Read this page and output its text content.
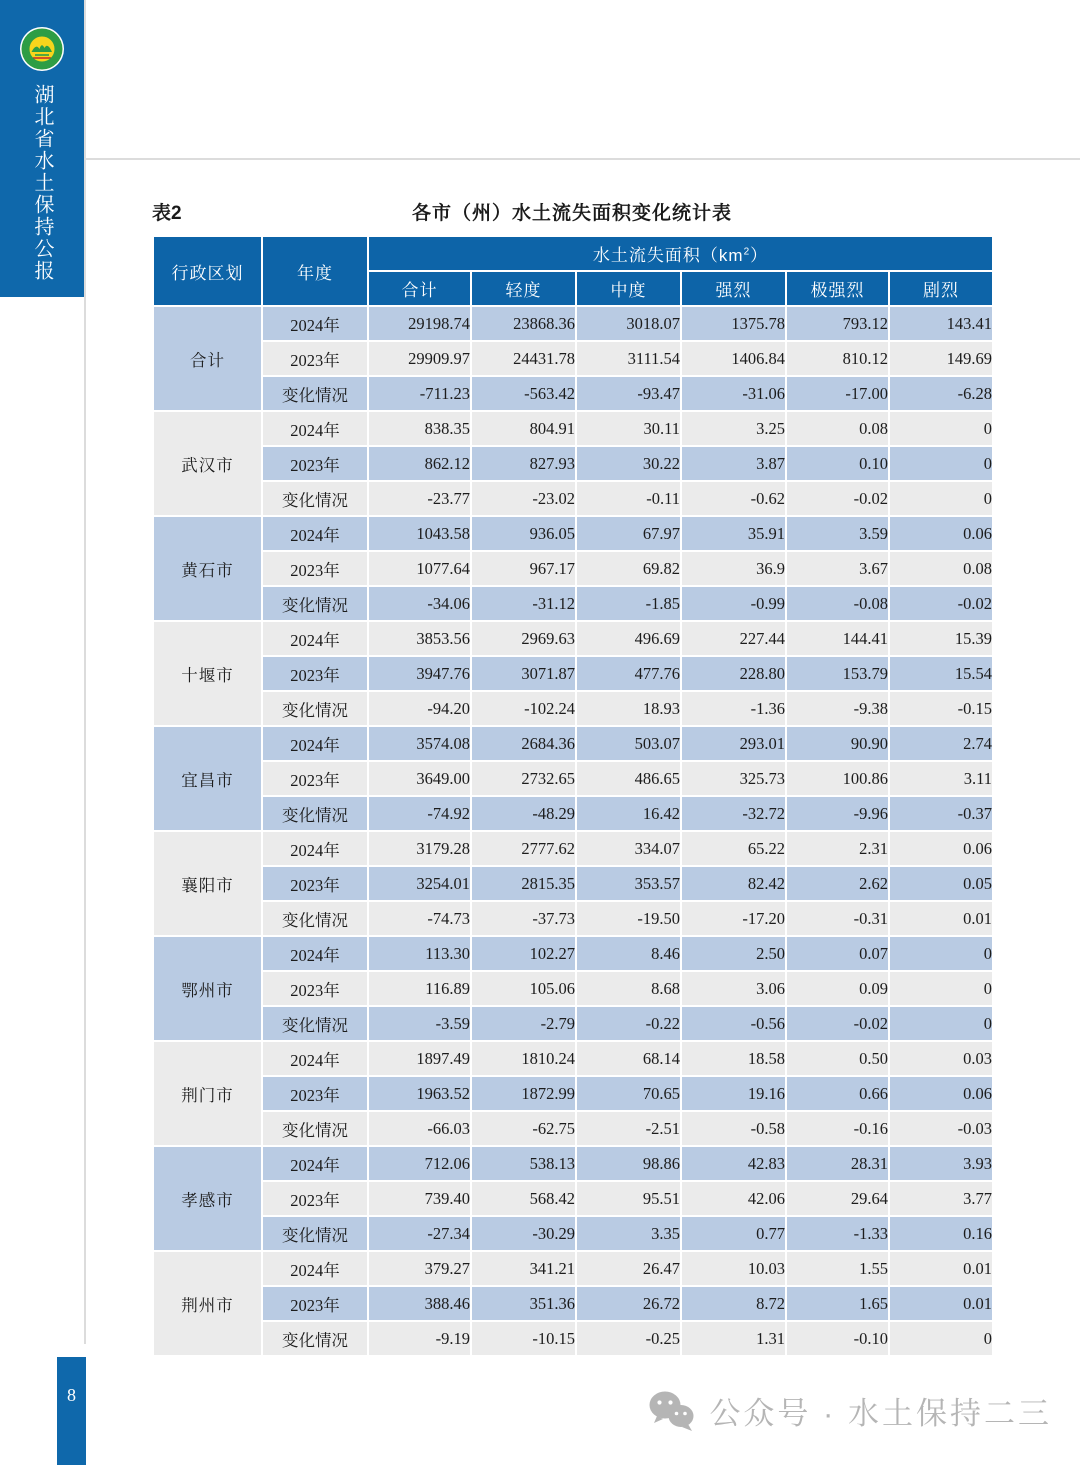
湖北省水土保持公报
8
表2	各市（州）水土流失面积变化统计表
行政区划	年度	水土流失面积$(km^2)$					
		合计	轻度	中度	强烈	极强烈	剧烈
合计	2024年	29198.74	23868.36	3018.07	1375.78	793.12	143.41
	2023年	29909.97	24431.78	3111.54	1406.84	810.12	149.69
	变化情况	-711.23	-563.42	-93.47	-31.06	-17.00	-6.28
武汉市	2024年	838.35	804.91	30.11	3.25	0.08	0
	2023年	862.12	827.93	30.22	3.87	0.10	0
	变化情况	-23.77	-23.02	-0.11	-0.62	-0.02	0
黄石市	2024年	1043.58	936.05	67.97	35.91	3.59	0.06
	2023年	1077.64	967.17	69.82	36.9	3.67	0.08
	变化情况	-34.06	-31.12	-1.85	-0.99	-0.08	-0.02
十堰市	2024年	3853.56	2969.63	496.69	227.44	144.41	15.39
	2023年	3947.76	3071.87	477.76	228.80	153.79	15.54
	变化情况	-94.20	-102.24	18.93	-1.36	-9.38	-0.15
宜昌市	2024年	3574.08	2684.36	503.07	293.01	90.90	2.74
	2023年	3649.00	2732.65	486.65	325.73	100.86	3.11
	变化情况	-74.92	-48.29	16.42	-32.72	-9.96	-0.37
襄阳市	2024年	3179.28	2777.62	334.07	65.22	2.31	0.06
	2023年	3254.01	2815.35	353.57	82.42	2.62	0.05
	变化情况	-74.73	-37.73	-19.50	-17.20	-0.31	0.01
鄂州市	2024年	113.30	102.27	8.46	2.50	0.07	0
	2023年	116.89	105.06	8.68	3.06	0.09	0
	变化情况	-3.59	-2.79	-0.22	-0.56	-0.02	0
荆门市	2024年	1897.49	1810.24	68.14	18.58	0.50	0.03
	2023年	1963.52	1872.99	70.65	19.16	0.66	0.06
	变化情况	-66.03	-62.75	-2.51	-0.58	-0.16	-0.03
孝感市	2024年	712.06	538.13	98.86	42.83	28.31	3.93
	2023年	739.40	568.42	95.51	42.06	29.64	3.77
	变化情况	-27.34	-30.29	3.35	0.77	-1.33	0.16
荆州市	2024年	379.27	341.21	26.47	10.03	1.55	0.01
	2023年	388.46	351.36	26.72	8.72	1.65	0.01
	变化情况	-9.19	-10.15	-0.25	1.31	-0.10	0
公众号 · 水土保持二三
